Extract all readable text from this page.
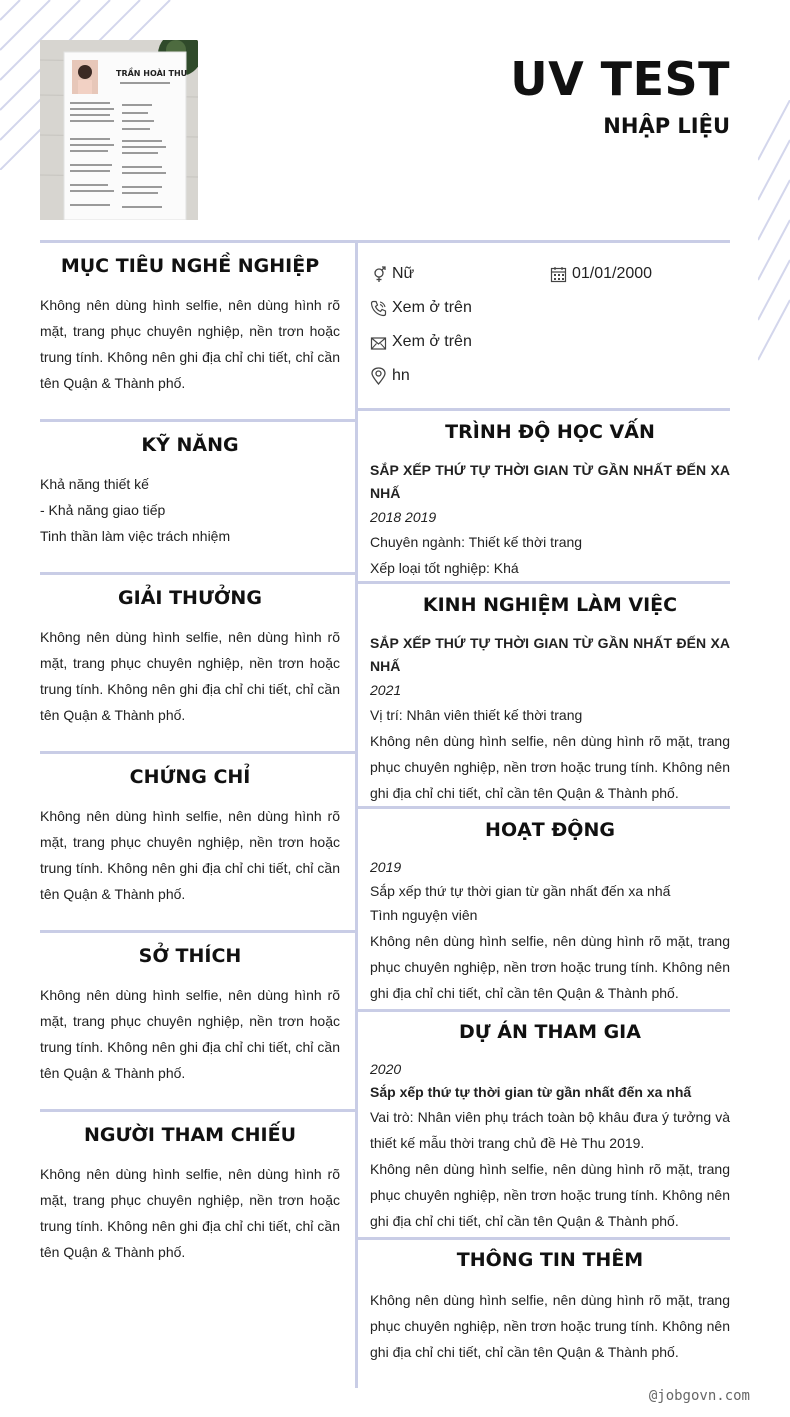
TRẦN HOÀI THU	UV TEST
NHẬP LIỆU
MỤC TIÊU NGHỀ NGHIỆP

Không nên dùng hình selfie, nên dùng hình rõ mặt, trang phục chuyên nghiệp, nền trơn hoặc trung tính. Không nên ghi địa chỉ chi tiết, chỉ cần tên Quận & Thành phố.

KỸ NĂNG

Khả năng thiết kế

- Khả năng giao tiếp

Tinh thần làm việc trách nhiệm

GIẢI THƯỞNG

Không nên dùng hình selfie, nên dùng hình rõ mặt, trang phục chuyên nghiệp, nền trơn hoặc trung tính. Không nên ghi địa chỉ chi tiết, chỉ cần tên Quận & Thành phố.

CHỨNG CHỈ

Không nên dùng hình selfie, nên dùng hình rõ mặt, trang phục chuyên nghiệp, nền trơn hoặc trung tính. Không nên ghi địa chỉ chi tiết, chỉ cần tên Quận & Thành phố.

SỞ THÍCH

Không nên dùng hình selfie, nên dùng hình rõ mặt, trang phục chuyên nghiệp, nền trơn hoặc trung tính. Không nên ghi địa chỉ chi tiết, chỉ cần tên Quận & Thành phố.

NGƯỜI THAM CHIẾU

Không nên dùng hình selfie, nên dùng hình rõ mặt, trang phục chuyên nghiệp, nền trơn hoặc trung tính. Không nên ghi địa chỉ chi tiết, chỉ cần tên Quận & Thành phố.

Nữ	01/01/2000
Xem ở trên
Xem ở trên
hn
TRÌNH ĐỘ HỌC VẤN

SẮP XẾP THỨ TỰ THỜI GIAN TỪ GẦN NHẤT ĐẾN XA NHẤ

2018 2019

Chuyên ngành: Thiết kế thời trang

Xếp loại tốt nghiệp: Khá

KINH NGHIỆM LÀM VIỆC

SẮP XẾP THỨ TỰ THỜI GIAN TỪ GẦN NHẤT ĐẾN XA NHẤ

2021

Vị trí: Nhân viên thiết kế thời trang

Không nên dùng hình selfie, nên dùng hình rõ mặt, trang phục chuyên nghiệp, nền trơn hoặc trung tính. Không nên ghi địa chỉ chi tiết, chỉ cần tên Quận & Thành phố.

HOẠT ĐỘNG

2019

Sắp xếp thứ tự thời gian từ gần nhất đến xa nhấ

Tình nguyện viên

Không nên dùng hình selfie, nên dùng hình rõ mặt, trang phục chuyên nghiệp, nền trơn hoặc trung tính. Không nên ghi địa chỉ chi tiết, chỉ cần tên Quận & Thành phố.

DỰ ÁN THAM GIA

2020

Sắp xếp thứ tự thời gian từ gần nhất đến xa nhấ

Vai trò: Nhân viên phụ trách toàn bộ khâu đưa ý tưởng và thiết kế mẫu thời trang chủ đề Hè Thu 2019.

Không nên dùng hình selfie, nên dùng hình rõ mặt, trang phục chuyên nghiệp, nền trơn hoặc trung tính. Không nên ghi địa chỉ chi tiết, chỉ cần tên Quận & Thành phố.

THÔNG TIN THÊM

Không nên dùng hình selfie, nên dùng hình rõ mặt, trang phục chuyên nghiệp, nền trơn hoặc trung tính. Không nên ghi địa chỉ chi tiết, chỉ cần tên Quận & Thành phố.

@jobgovn.com
